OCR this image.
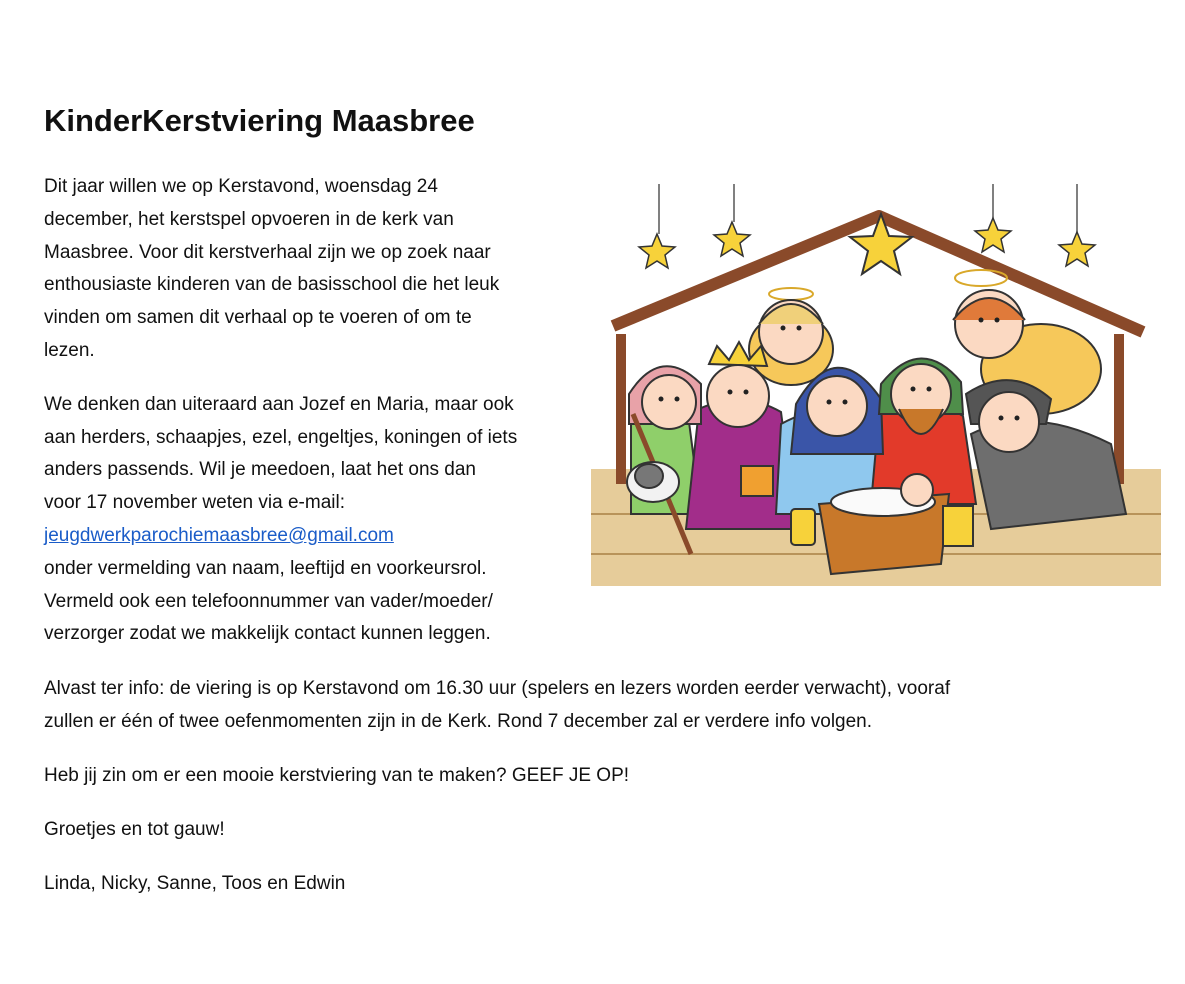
KinderKerstviering Maasbree

Dit jaar willen we op Kerstavond, woensdag 24
december, het kerstspel opvoeren in de kerk van
Maasbree. Voor dit kerstverhaal zijn we op zoek naar
enthousiaste kinderen van de basisschool die het leuk
vinden om samen dit verhaal op te voeren of om te
lezen.

We denken dan uiteraard aan Jozef en Maria, maar ook
aan herders, schaapjes, ezel, engeltjes, koningen of iets
anders passends. Wil je meedoen, laat het ons dan
voor 17 november weten via e-mail:
jeugdwerkparochiemaasbree@gmail.com
onder vermelding van naam, leeftijd en voorkeursrol.
Vermeld ook een telefoonnummer van vader/moeder/
verzorger zodat we makkelijk contact kunnen leggen.

Alvast ter info: de viering is op Kerstavond om 16.30 uur (spelers en lezers worden eerder verwacht), vooraf
zullen er één of twee oefenmomenten zijn in de Kerk. Rond 7 december zal er verdere info volgen.
Heb jij zin om er een mooie kerstviering van te maken? GEEF JE OP!
Groetjes en tot gauw!
Linda, Nicky, Sanne, Toos en Edwin
